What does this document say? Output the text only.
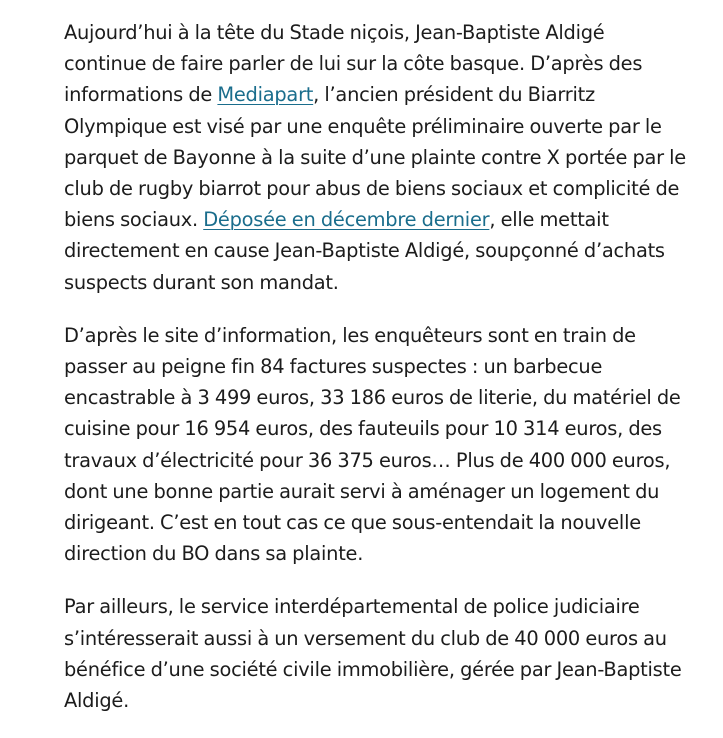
Aujourd’hui à la tête du Stade niçois, Jean-Baptiste Aldigé
continue de faire parler de lui sur la côte basque. D’après des
informations de Mediapart, l’ancien président du Biarritz
Olympique est visé par une enquête préliminaire ouverte par le
parquet de Bayonne à la suite d’une plainte contre X portée par le
club de rugby biarrot pour abus de biens sociaux et complicité de
biens sociaux. Déposée en décembre dernier, elle mettait
directement en cause Jean-Baptiste Aldigé, soupçonné d’achats
suspects durant son mandat.

D’après le site d’information, les enquêteurs sont en train de
passer au peigne fin 84 factures suspectes : un barbecue
encastrable à 3 499 euros, 33 186 euros de literie, du matériel de
cuisine pour 16 954 euros, des fauteuils pour 10 314 euros, des
travaux d’électricité pour 36 375 euros… Plus de 400 000 euros,
dont une bonne partie aurait servi à aménager un logement du
dirigeant. C’est en tout cas ce que sous-entendait la nouvelle
direction du BO dans sa plainte.

Par ailleurs, le service interdépartemental de police judiciaire
s’intéresserait aussi à un versement du club de 40 000 euros au
bénéfice d’une société civile immobilière, gérée par Jean-Baptiste
Aldigé.
